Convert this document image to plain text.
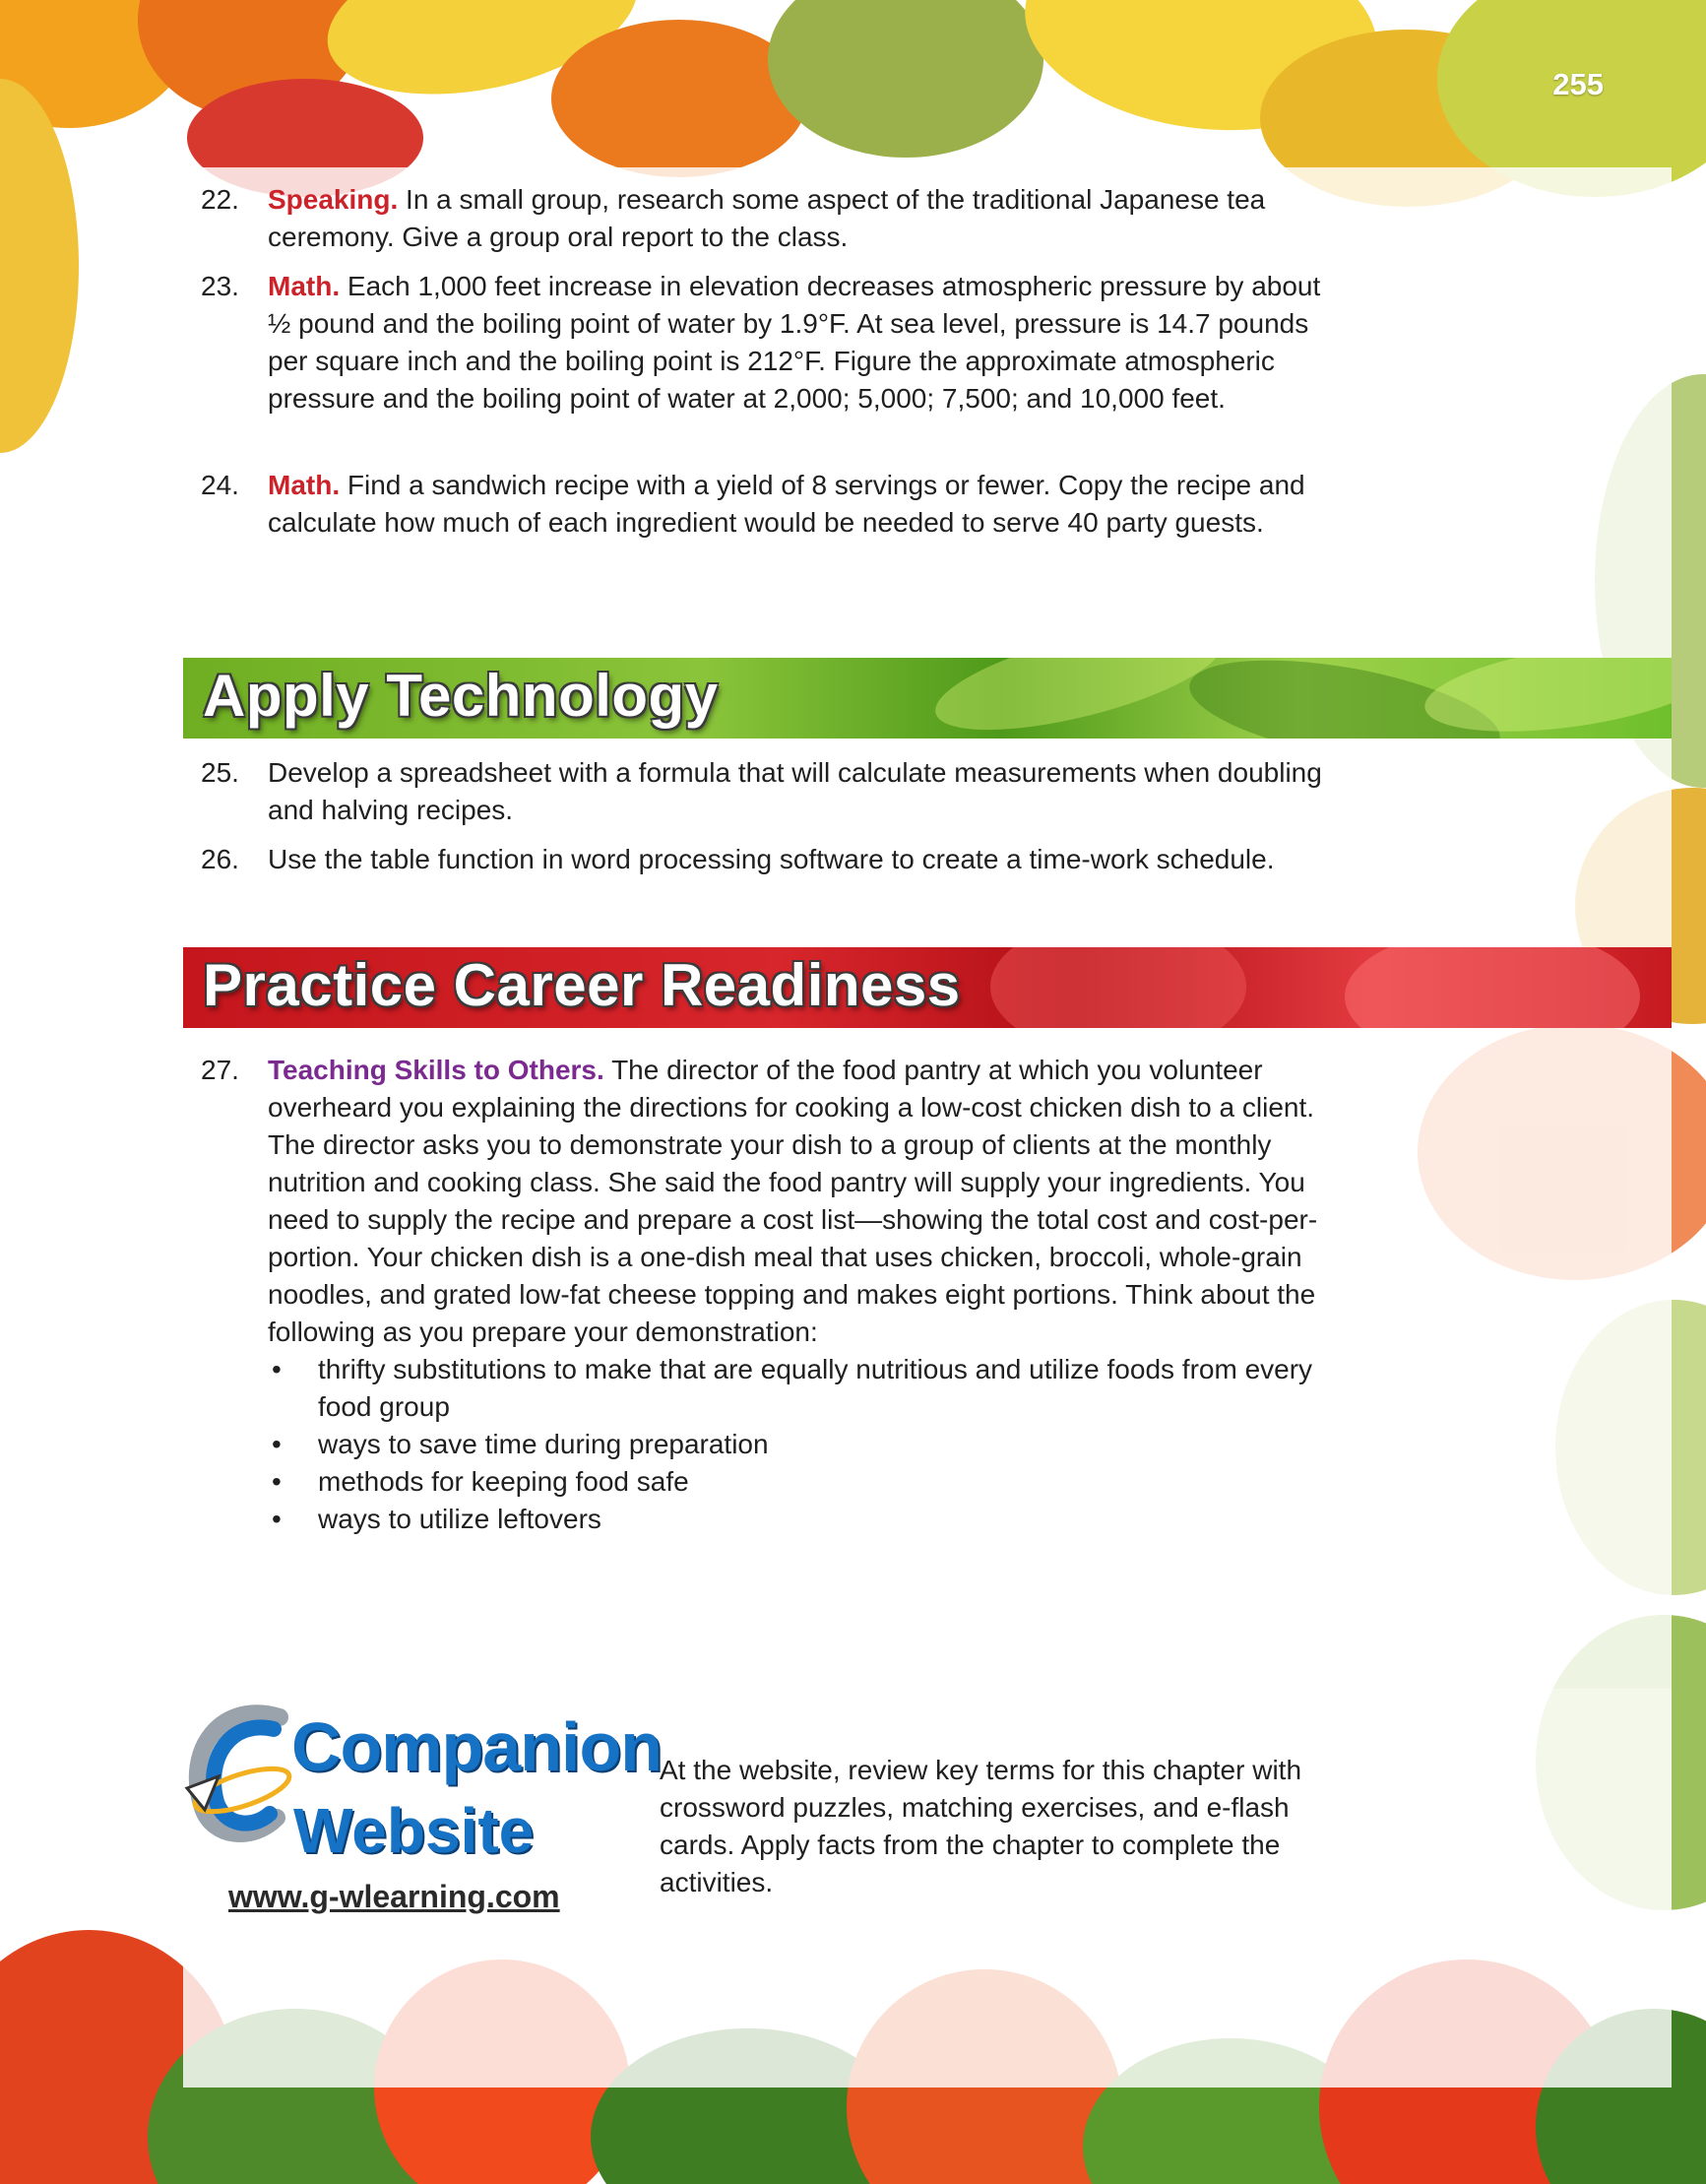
255
22. Speaking. In a small group, research some aspect of the traditional Japanese tea ceremony. Give a group oral report to the class.
23. Math. Each 1,000 feet increase in elevation decreases atmospheric pressure by about ½ pound and the boiling point of water by 1.9°F. At sea level, pressure is 14.7 pounds per square inch and the boiling point is 212°F. Figure the approximate atmospheric pressure and the boiling point of water at 2,000; 5,000; 7,500; and 10,000 feet.
24. Math. Find a sandwich recipe with a yield of 8 servings or fewer. Copy the recipe and calculate how much of each ingredient would be needed to serve 40 party guests.
Apply Technology
25. Develop a spreadsheet with a formula that will calculate measurements when doubling and halving recipes.
26. Use the table function in word processing software to create a time-work schedule.
Practice Career Readiness
27. Teaching Skills to Others. The director of the food pantry at which you volunteer overheard you explaining the directions for cooking a low-cost chicken dish to a client. The director asks you to demonstrate your dish to a group of clients at the monthly nutrition and cooking class. She said the food pantry will supply your ingredients. You need to supply the recipe and prepare a cost list—showing the total cost and cost-per-portion. Your chicken dish is a one-dish meal that uses chicken, broccoli, whole-grain noodles, and grated low-fat cheese topping and makes eight portions. Think about the following as you prepare your demonstration:
• thrifty substitutions to make that are equally nutritious and utilize foods from every food group
• ways to save time during preparation
• methods for keeping food safe
• ways to utilize leftovers
Companion
Website
www.g-wlearning.com
At the website, review key terms for this chapter with crossword puzzles, matching exercises, and e-flash cards. Apply facts from the chapter to complete the activities.
